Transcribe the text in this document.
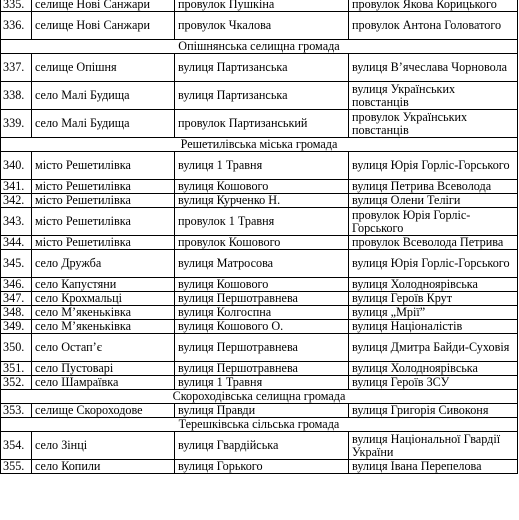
335.	селище Нові Санжари	провулок Пушкіна	провулок Якова Корицького
336.	селище Нові Санжари	провулок Чкалова	провулок Антона Головатого
Опішнянська селищна громада			
337.	селище Опішня	вулиця Партизанська	вулиця В’ячеслава Чорновола
338.	село Малі Будища	вулиця Партизанська	вулиця Українських повстанців
339.	село Малі Будища	провулок Партизанський	провулок Українських повстанців
Решетилівська міська громада			
340.	місто Решетилівка	вулиця 1 Травня	вулиця Юрія Горліс-Горського
341.	місто Решетилівка	вулиця Кошового	вулиця Петрива Всеволода
342.	місто Решетилівка	вулиця Курченко Н.	вулиця Олени Теліги
343.	місто Решетилівка	провулок 1 Травня	провулок Юрія Горліс-Горського
344.	місто Решетилівка	провулок Кошового	провулок Всеволода Петрива
345.	село Дружба	вулиця Матросова	вулиця Юрія Горліс-Горського
346.	село Капустяни	вулиця Кошового	вулиця Холодноярівська
347.	село Крохмальці	вулиця Першотравнева	вулиця Героїв Крут
348.	село М’якеньківка	вулиця Колгоспна	вулиця „Мрії”
349.	село М’якеньківка	вулиця Кошового О.	вулиця Націоналістів
350.	село Остап’є	вулиця Першотравнева	вулиця Дмитра Байди-Суховія
351.	село Пустоварі	вулиця Першотравнева	вулиця Холодноярівська
352.	село Шамраївка	вулиця 1 Травня	вулиця Героїв ЗСУ
Скороходівська селищна громада			
353.	селище Скороходове	вулиця Правди	вулиця Григорія Сивоконя
Терешківська сільська громада			
354.	село Зінці	вулиця Гвардійська	вулиця Національної Гвардії України
355.	село Копили	вулиця Горького	вулиця Івана Перепелова
